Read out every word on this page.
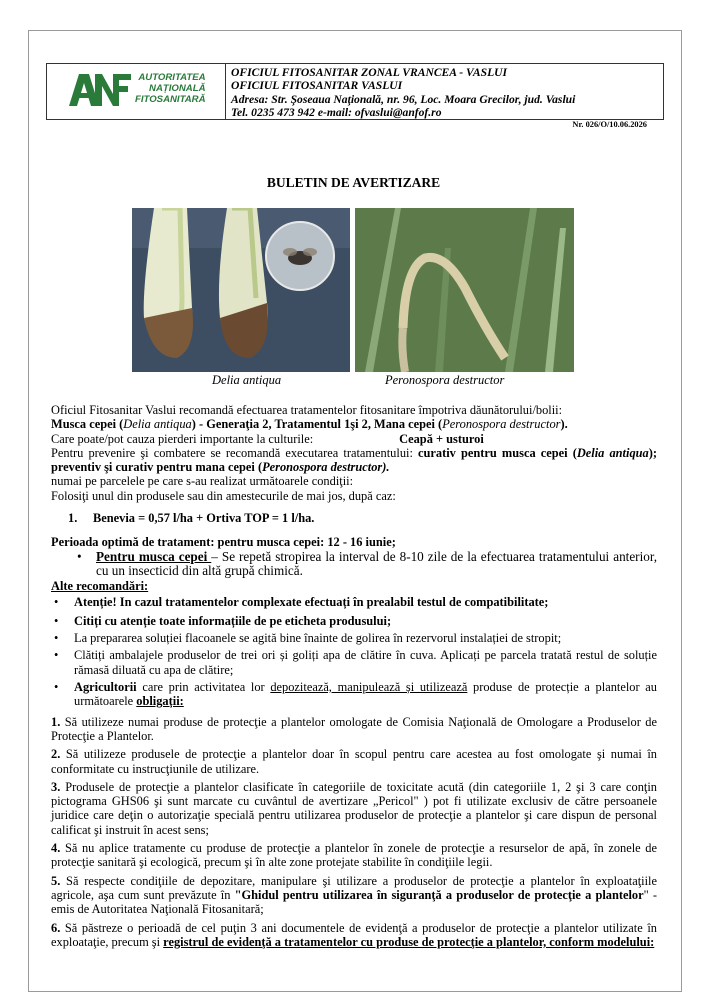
AUTORITATEA
NAȚIONALĂ
FITOSANITARĂ
OFICIUL FITOSANITAR ZONAL VRANCEA - VASLUI
OFICIUL FITOSANITAR VASLUI
Adresa: Str. Şoseaua Naţională, nr. 96, Loc. Moara Grecilor, jud. Vaslui
Tel. 0235 473 942 e-mail: ofvaslui@anfof.ro
Nr. 026/O/10.06.2026
BULETIN DE AVERTIZARE
Delia antiqua	Peronospora destructor

Oficiul Fitosanitar Vaslui recomandă efectuarea tratamentelor fitosanitare împotriva dăunătorului/bolii:

Musca cepei (Delia antiqua) - Generaţia 2, Tratamentul 1şi 2, Mana cepei (Peronospora destructor).

Care poate/pot cauza pierderi importante la culturile:	Ceapă + usturoi

Pentru prevenire şi combatere se recomandă executarea tratamentului: curativ pentru musca cepei (Delia antiqua); preventiv şi curativ pentru mana cepei (Peronospora destructor).

numai pe parcelele pe care s-au realizat următoarele condiţii:

Folosiţi unul din produsele sau din amestecurile de mai jos, după caz:

1. Benevia = 0,57 l/ha + Ortiva TOP = 1 l/ha.

Perioada optimă de tratament: pentru musca cepei: 12 - 16 iunie;

• Pentru musca cepei – Se repetă stropirea la interval de 8-10 zile de la efectuarea tratamentului anterior, cu un insecticid din altă grupă chimică.

Alte recomandări:

• Atenție! In cazul tratamentelor complexate efectuați în prealabil testul de compatibilitate;
• Citiți cu atenție toate informațiile de pe eticheta produsului;
• La prepararea soluției flacoanele se agită bine înainte de golirea în rezervorul instalației de stropit;
• Clătiți ambalajele produselor de trei ori și goliți apa de clătire în cuva. Aplicați pe parcela tratată restul de soluție rămasă diluată cu apa de clătire;
• Agricultorii care prin activitatea lor depozitează, manipulează și utilizează produse de protecție a plantelor au următoarele obligații:

1. Să utilizeze numai produse de protecţie a plantelor omologate de Comisia Naţională de Omologare a Produselor de Protecţie a Plantelor.

2. Să utilizeze produsele de protecţie a plantelor doar în scopul pentru care acestea au fost omologate şi numai în conformitate cu instrucţiunile de utilizare.

3. Produsele de protecţie a plantelor clasificate în categoriile de toxicitate acută (din categoriile 1, 2 şi 3 care conţin pictograma GHS06 şi sunt marcate cu cuvântul de avertizare „Pericol" ) pot fi utilizate exclusiv de către persoanele juridice care deţin o autorizaţie specială pentru utilizarea produselor de protecţie a plantelor şi care dispun de personal calificat şi instruit în acest sens;

4. Să nu aplice tratamente cu produse de protecţie a plantelor în zonele de protecţie a resurselor de apă, în zonele de protecţie sanitară şi ecologică, precum şi în alte zone protejate stabilite în condiţiile legii.

5. Să respecte condiţiile de depozitare, manipulare şi utilizare a produselor de protecţie a plantelor în exploataţiile agricole, aşa cum sunt prevăzute în "Ghidul pentru utilizarea în siguranţă a produselor de protecţie a plantelor" - emis de Autoritatea Naţională Fitosanitară;

6. Să păstreze o perioadă de cel puţin 3 ani documentele de evidenţă a produselor de protecţie a plantelor utilizate în exploataţie, precum şi registrul de evidenţă a tratamentelor cu produse de protecţie a plantelor, conform modelului:
